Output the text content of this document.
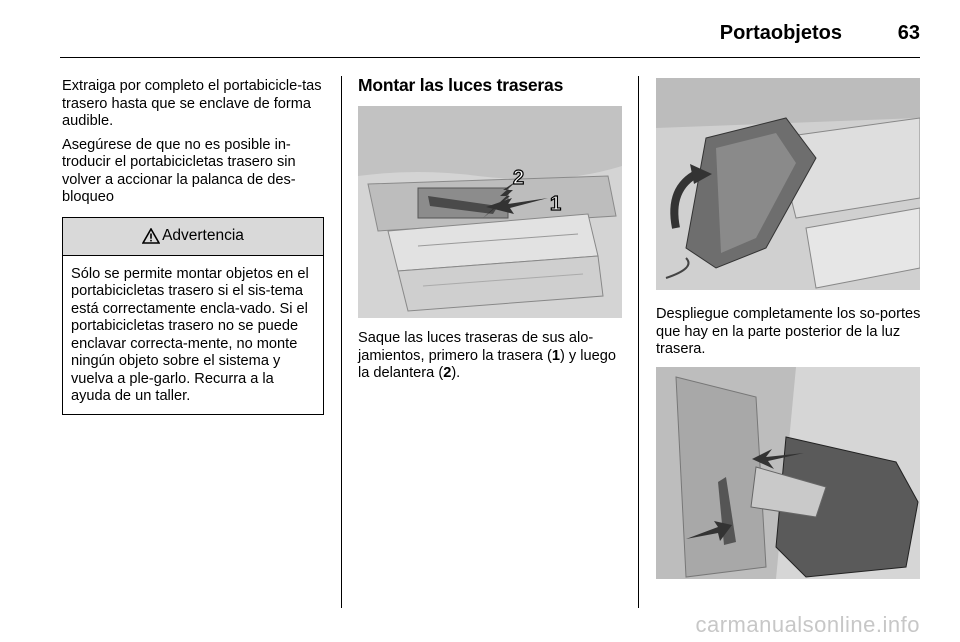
Portaobjetos	63

Extraiga por completo el portabicicle-tas trasero hasta que se enclave de forma audible.

Asegúrese de que no es posible in-troducir el portabicicletas trasero sin volver a accionar la palanca de des-bloqueo

Advertencia
Sólo se permite montar objetos en el portabicicletas trasero si el sis-tema está correctamente encla-vado. Si el portabicicletas trasero no se puede enclavar correcta-mente, no monte ningún objeto sobre el sistema y vuelva a ple-garlo. Recurra a la ayuda de un taller.
Montar las luces traseras
2
1

Saque las luces traseras de sus alo-jamientos, primero la trasera (1) y luego la delantera (2).

Despliegue completamente los so-portes que hay en la parte posterior de la luz trasera.

carmanualsonline.info
